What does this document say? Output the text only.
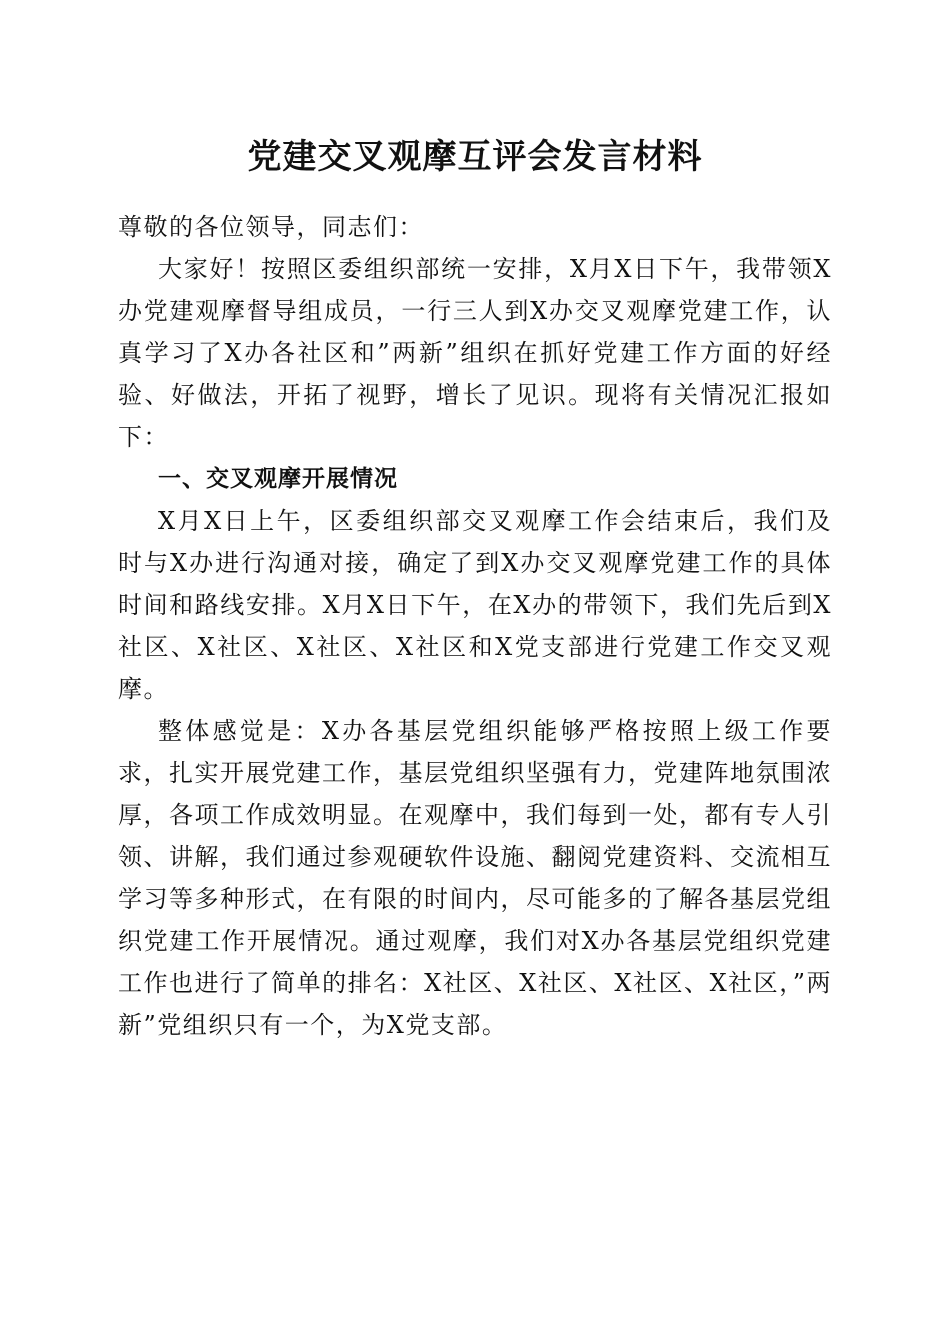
党建交叉观摩互评会发言材料

尊敬的各位领导，同志们：

大家好！按照区委组织部统一安排，X月X日下午，我带领X办党建观摩督导组成员，一行三人到X办交叉观摩党建工作，认真学习了X办各社区和”两新”组织在抓好党建工作方面的好经验、好做法，开拓了视野，增长了见识。现将有关情况汇报如下：

一、交叉观摩开展情况

X月X日上午，区委组织部交叉观摩工作会结束后，我们及时与X办进行沟通对接，确定了到X办交叉观摩党建工作的具体时间和路线安排。X月X日下午，在X办的带领下，我们先后到X社区、X社区、X社区、X社区和X党支部进行党建工作交叉观摩。

整体感觉是：X办各基层党组织能够严格按照上级工作要求，扎实开展党建工作，基层党组织坚强有力，党建阵地氛围浓厚，各项工作成效明显。在观摩中，我们每到一处，都有专人引领、讲解，我们通过参观硬软件设施、翻阅党建资料、交流相互学习等多种形式，在有限的时间内，尽可能多的了解各基层党组织党建工作开展情况。通过观摩，我们对X办各基层党组织党建工作也进行了简单的排名：X社区、X社区、X社区、X社区，”两新”党组织只有一个，为X党支部。
